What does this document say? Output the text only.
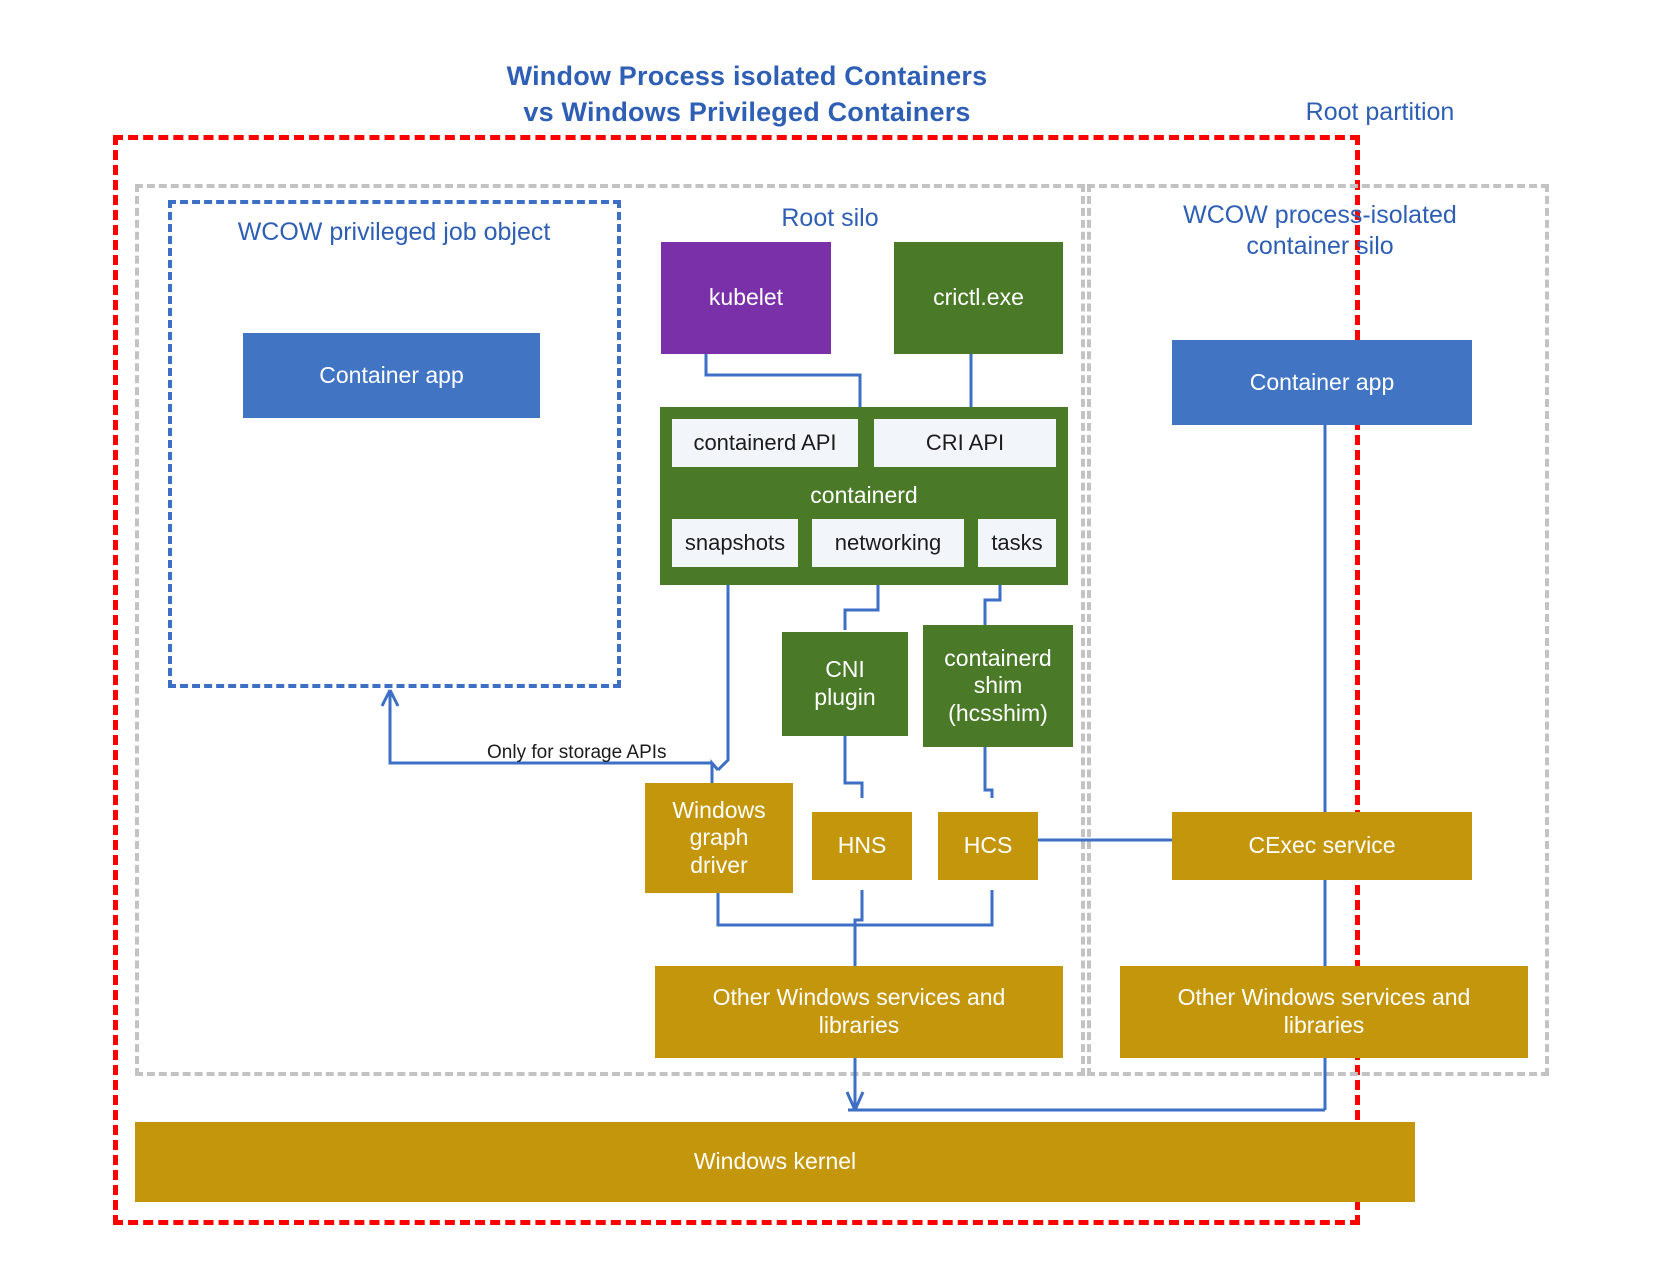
Window Process isolated Containers
vs Windows Privileged Containers	Root partition
WCOW privileged job object	Root silo	WCOW process-isolated
container silo
Container app
kubelet	crictl.exe
containerd API	CRI API
containerd
snapshots	networking	tasks
CNI
plugin
containerd
shim
(hcsshim)
Only for storage APIs
Windows
graph
driver
HNS	HCS	CExec service
Other Windows services and
libraries
Other Windows services and
libraries
Container app
Windows kernel
